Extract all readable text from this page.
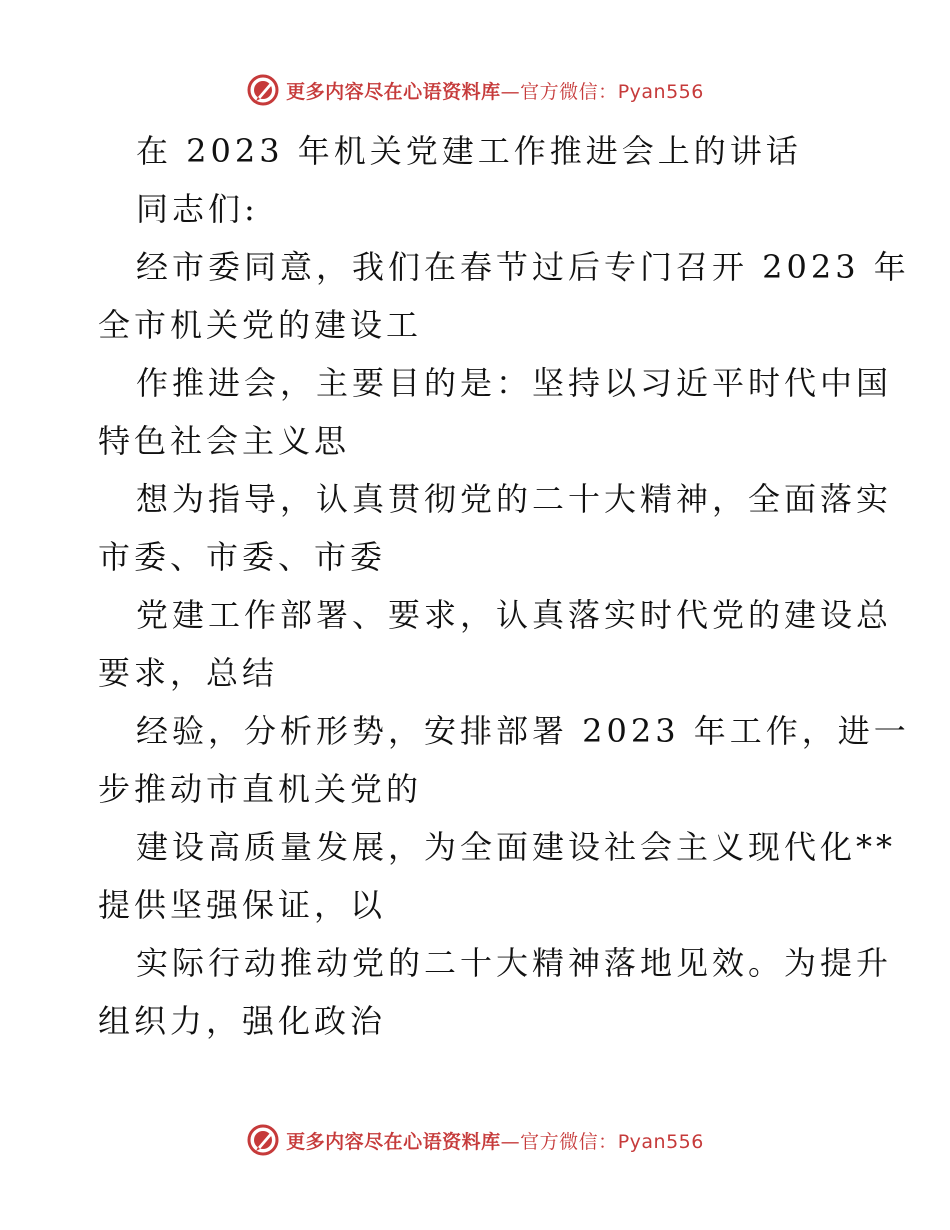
更多内容尽在心语资料库—官方微信：Pyan556
在 2023 年机关党建工作推进会上的讲话
同志们:
经市委同意，我们在春节过后专门召开 2023 年
全市机关党的建设工
作推进会，主要目的是：坚持以习近平时代中国
特色社会主义思
想为指导，认真贯彻党的二十大精神，全面落实
市委、市委、市委
党建工作部署、要求，认真落实时代党的建设总
要求，总结
经验，分析形势，安排部署 2023 年工作，进一
步推动市直机关党的
建设高质量发展，为全面建设社会主义现代化**
提供坚强保证，以
实际行动推动党的二十大精神落地见效。为提升
组织力，强化政治
更多内容尽在心语资料库—官方微信：Pyan556
